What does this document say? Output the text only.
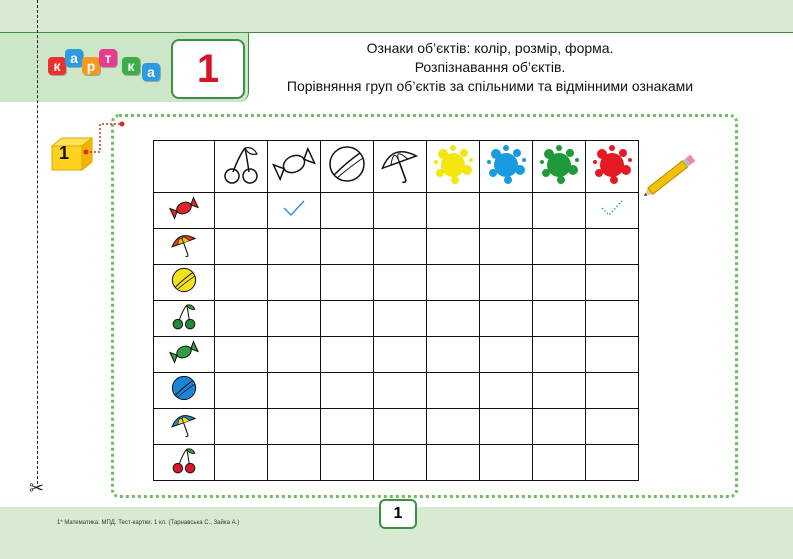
к а р т	к а	1	Ознаки об’єктів: колір, розмір, форма.
Розпізнавання об’єктів.
Порівняння груп об’єктів за спільними та відмінними ознаками
✂
1

1
1* Математика. МПД. Тест-картки. 1 кл. (Тарнавська С., Зайка А.)
